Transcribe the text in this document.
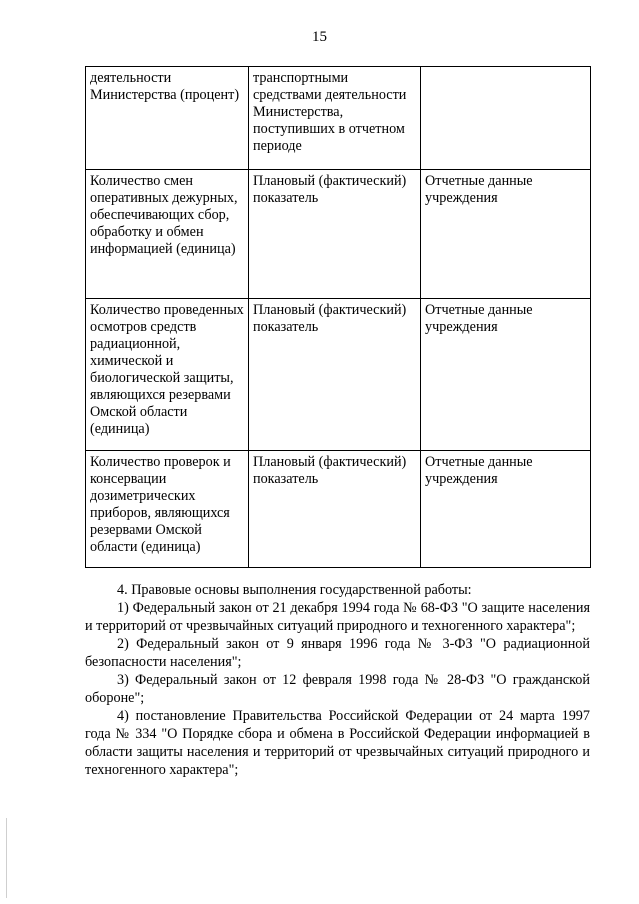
15
деятельности Министерства (процент)	транспортными средствами деятельности Министерства, поступивших в отчетном периоде	
Количество смен оперативных дежурных, обеспечивающих сбор, обработку и обмен информацией (единица)	Плановый (фактический) показатель	Отчетные данные учреждения
Количество проведенных осмотров средств радиационной, химической и биологической защиты, являющихся резервами Омской области (единица)	Плановый (фактический) показатель	Отчетные данные учреждения
Количество проверок и консервации дозиметрических приборов, являющихся резервами Омской области (единица)	Плановый (фактический) показатель	Отчетные данные учреждения

4. Правовые основы выполнения государственной работы:

1) Федеральный закон от 21 декабря 1994 года № 68-ФЗ "О защите населения и территорий от чрезвычайных ситуаций природного и техногенного характера";

2) Федеральный закон от 9 января 1996 года № 3-ФЗ "О радиационной безопасности населения";

3) Федеральный закон от 12 февраля 1998 года № 28-ФЗ "О гражданской обороне";

4) постановление Правительства Российской Федерации от 24 марта 1997 года № 334 "О Порядке сбора и обмена в Российской Федерации информацией в области защиты населения и территорий от чрезвычайных ситуаций природного и техногенного характера";
